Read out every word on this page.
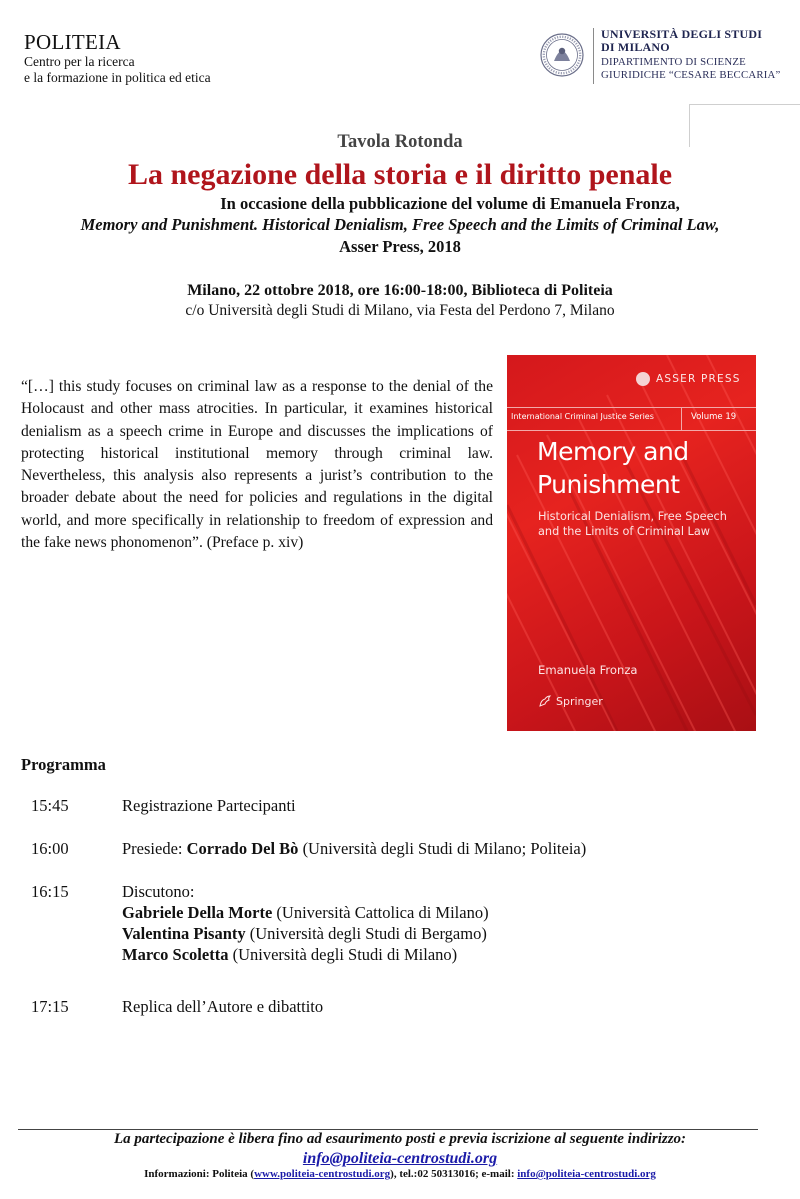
POLITEIA
Centro per la ricerca
e la formazione in politica ed etica
UNIVERSITÀ DEGLI STUDI
DI MILANO
DIPARTIMENTO DI SCIENZE
GIURIDICHE “CESARE BECCARIA”
Tavola Rotonda
La negazione della storia e il diritto penale
In occasione della pubblicazione del volume di Emanuela Fronza,
Memory and Punishment. Historical Denialism, Free Speech and the Limits of Criminal Law,
Asser Press, 2018
Milano, 22 ottobre 2018, ore 16:00-18:00, Biblioteca di Politeia
c/o Università degli Studi di Milano, via Festa del Perdono 7, Milano
“[…] this study focuses on criminal law as a response to the denial of the Holocaust and other mass atrocities. In particular, it examines historical denialism as a speech crime in Europe and discusses the implications of protecting historical institutional memory through criminal law. Nevertheless, this analysis also represents a jurist’s contribution to the broader debate about the need for policies and regulations in the digital world, and more specifically in relationship to freedom of expression and the fake news phonomenon”. (Preface p. xiv)
ASSER PRESS
International Criminal Justice Series	Volume 19
Memory and
Punishment
Historical Denialism, Free Speech
and the Limits of Criminal Law
Emanuela Fronza
Springer
Programma
15:45	Registrazione Partecipanti
16:00	Presiede: Corrado Del Bò (Università degli Studi di Milano; Politeia)
16:15	Discutono:
Gabriele Della Morte (Università Cattolica di Milano)
Valentina Pisanty (Università degli Studi di Bergamo)
Marco Scoletta (Università degli Studi di Milano)
17:15	Replica dell’Autore e dibattito
La partecipazione è libera fino ad esaurimento posti e previa iscrizione al seguente indirizzo:
info@politeia-centrostudi.org
Informazioni: Politeia (www.politeia-centrostudi.org), tel.:02 50313016; e-mail: info@politeia-centrostudi.org
